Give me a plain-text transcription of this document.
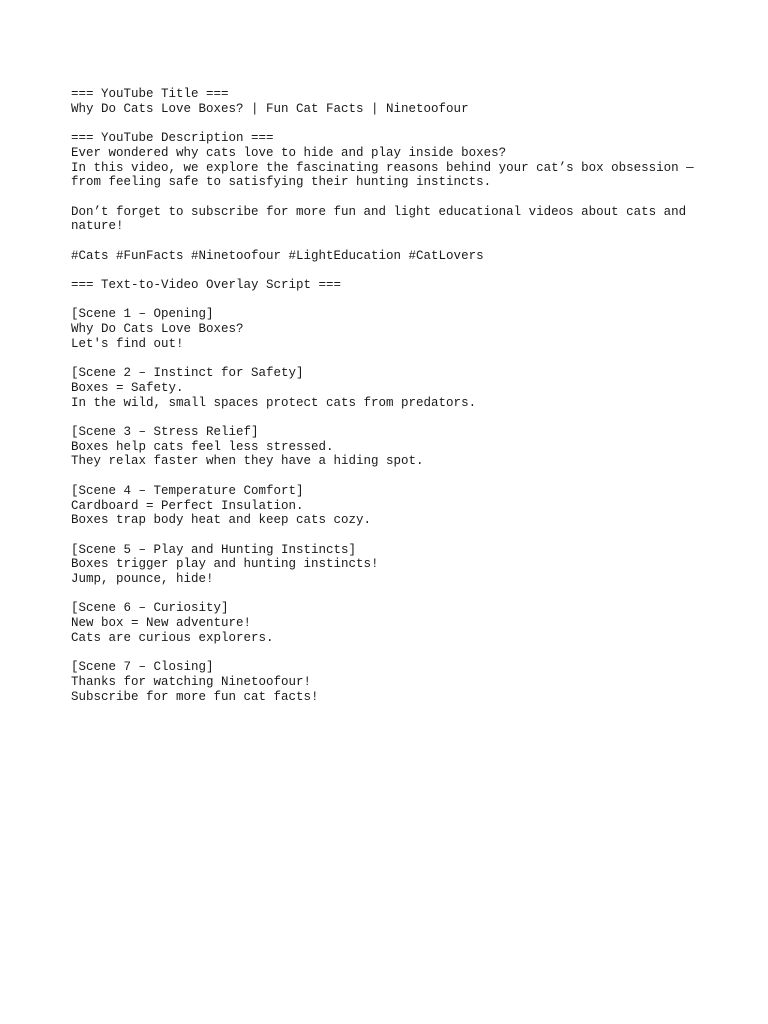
=== YouTube Title ===
Why Do Cats Love Boxes? | Fun Cat Facts | Ninetoofour
=== YouTube Description ===
Ever wondered why cats love to hide and play inside boxes?
In this video, we explore the fascinating reasons behind your cat’s box obsession —
from feeling safe to satisfying their hunting instincts.
Don’t forget to subscribe for more fun and light educational videos about cats and
nature!
#Cats #FunFacts #Ninetoofour #LightEducation #CatLovers
=== Text-to-Video Overlay Script ===
[Scene 1 – Opening]
Why Do Cats Love Boxes?
Let's find out!
[Scene 2 – Instinct for Safety]
Boxes = Safety.
In the wild, small spaces protect cats from predators.
[Scene 3 – Stress Relief]
Boxes help cats feel less stressed.
They relax faster when they have a hiding spot.
[Scene 4 – Temperature Comfort]
Cardboard = Perfect Insulation.
Boxes trap body heat and keep cats cozy.
[Scene 5 – Play and Hunting Instincts]
Boxes trigger play and hunting instincts!
Jump, pounce, hide!
[Scene 6 – Curiosity]
New box = New adventure!
Cats are curious explorers.
[Scene 7 – Closing]
Thanks for watching Ninetoofour!
Subscribe for more fun cat facts!
